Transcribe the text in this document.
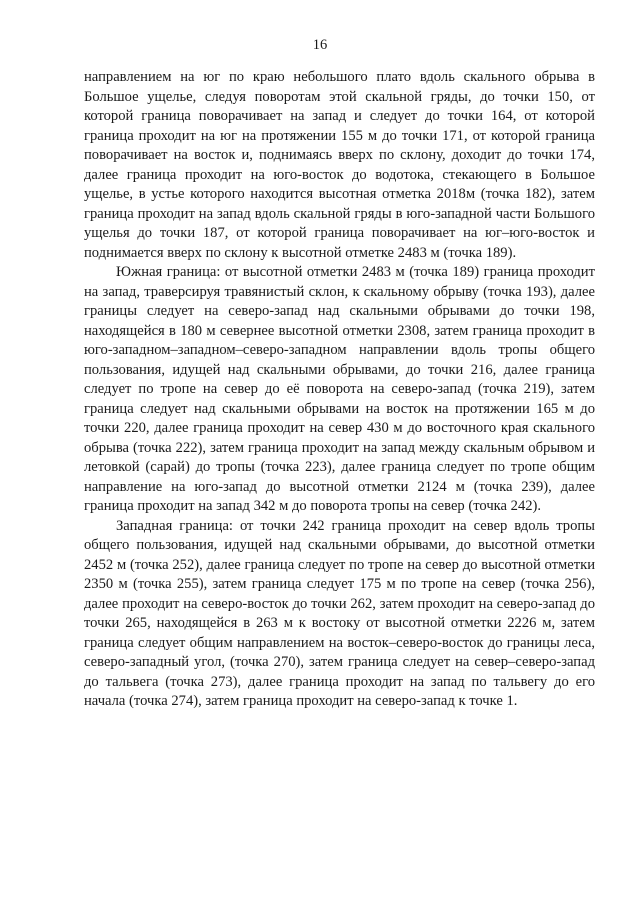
16

направлением на юг по краю небольшого плато вдоль скального обрыва в Большое ущелье, следуя поворотам этой скальной гряды, до точки 150, от которой граница поворачивает на запад и следует до точки 164, от которой граница проходит на юг на протяжении 155 м до точки 171, от которой граница поворачивает на восток и, поднимаясь вверх по склону, доходит до точки 174, далее граница проходит на юго-восток до водотока, стекающего в Большое ущелье, в устье которого находится высотная отметка 2018м (точка 182), затем граница проходит на запад вдоль скальной гряды в юго-западной части Большого ущелья до точки 187, от которой граница поворачивает на юг–юго-восток и поднимается вверх по склону к высотной отметке 2483 м (точка 189).

Южная граница: от высотной отметки 2483 м (точка 189) граница проходит на запад, траверсируя травянистый склон, к скальному обрыву (точка 193), далее границы следует на северо-запад над скальными обрывами до точки 198, находящейся в 180 м севернее высотной отметки 2308, затем граница проходит в юго-западном–западном–северо-западном направлении вдоль тропы общего пользования, идущей над скальными обрывами, до точки 216, далее граница следует по тропе на север до её поворота на северо-запад (точка 219), затем граница следует над скальными обрывами на восток на протяжении 165 м до точки 220, далее граница проходит на север 430 м до восточного края скального обрыва (точка 222), затем граница проходит на запад между скальным обрывом и летовкой (сарай) до тропы (точка 223), далее граница следует по тропе общим направление на юго-запад до высотной отметки 2124 м (точка 239), далее граница проходит на запад 342 м до поворота тропы на север (точка 242).

Западная граница: от точки 242 граница проходит на север вдоль тропы общего пользования, идущей над скальными обрывами, до высотной отметки 2452 м (точка 252), далее граница следует по тропе на север до высотной отметки 2350 м (точка 255), затем граница следует 175 м по тропе на север (точка 256), далее проходит на северо-восток до точки 262, затем проходит на северо-запад до точки 265, находящейся в 263 м к востоку от высотной отметки 2226 м, затем граница следует общим направлением на восток–северо-восток до границы леса, северо-западный угол, (точка 270), затем граница следует на север–северо-запад до тальвега (точка 273), далее граница проходит на запад по тальвегу до его начала (точка 274), затем граница проходит на северо-запад к точке 1.
